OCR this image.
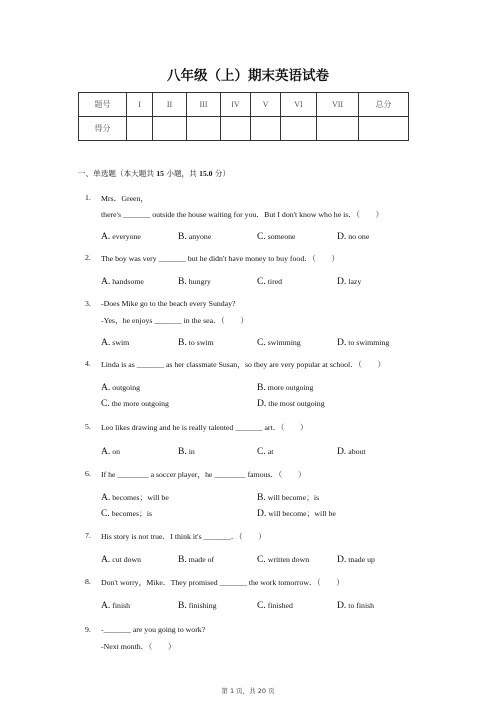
八年级（上）期末英语试卷
题号	I	II	III	IV	V	VI	VII	总分
得分								
一、单选题（本大题共 15 小题，共 15.0 分）
1. Mrs．Green，
there's _______ outside the house waiting for you．But I don't know who he is．（　　）
A. everyone	B. anyone	C. someone	D. no one
2. The boy was very _______ but he didn't have money to buy food．（　　）
A. handsome	B. hungry	C. tired	D. lazy
3. -Does Mike go to the beach every Sunday?
-Yes，he enjoys _______ in the sea．（　　）
A. swim	B. to swim	C. swimming	D. to swimming
4. Linda is as _______ as her classmate Susan，so they are very popular at school．（　　）
A. outgoing	B. more outgoing
C. the more outgoing	D. the most outgoing
5. Leo likes drawing and he is really talented _______ art．（　　）
A. on	B. in	C. at	D. about
6. If he ________ a soccer player，he ________ famous．（　　）
A. becomes；will be	B. will become；is
C. becomes；is	D. will become；will be
7. His story is not true．I think it's _______．（　　）
A. cut down	B. made of	C. written down	D. made up
8. Don't worry，Mike．They promised _______ the work tomorrow．（　　）
A. finish	B. finishing	C. finished	D. to finish
9. -_______ are you going to work?
-Next month．（　　）
第 1 页，共 20 页
